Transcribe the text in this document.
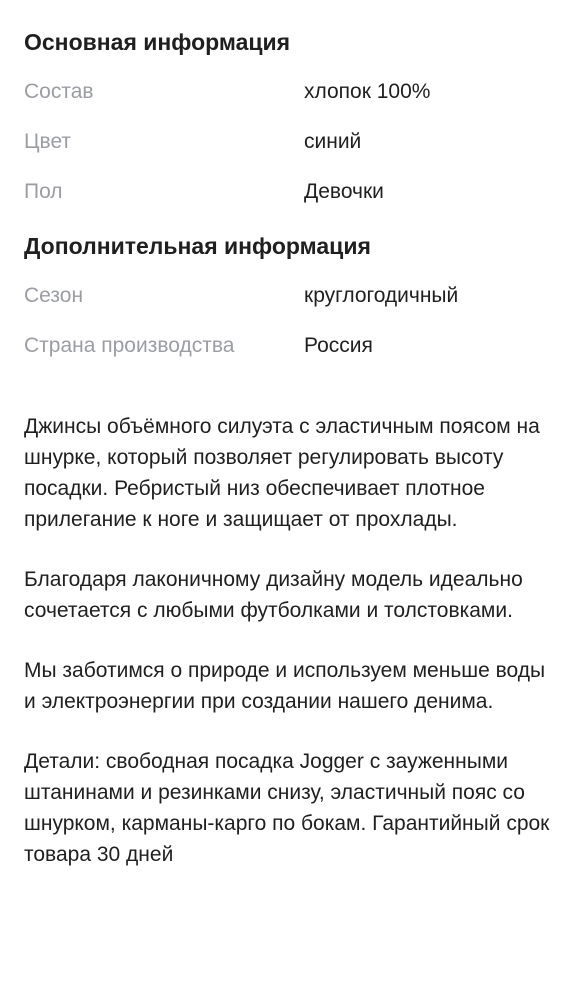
Основная информация
Состав	хлопок 100%
Цвет	синий
Пол	Девочки
Дополнительная информация
Сезон	круглогодичный
Страна производства	Россия

Джинсы объёмного силуэта с эластичным поясом на шнурке, который позволяет регулировать высоту посадки. Ребристый низ обеспечивает плотное прилегание к ноге и защищает от прохлады.

Благодаря лаконичному дизайну модель идеально сочетается с любыми футболками и толстовками.

Мы заботимся о природе и используем меньше воды и электроэнергии при создании нашего денима.

Детали: свободная посадка Jogger с зауженными штанинами и резинками снизу, эластичный пояс со шнурком, карманы-карго по бокам. Гарантийный срок товара 30 дней
